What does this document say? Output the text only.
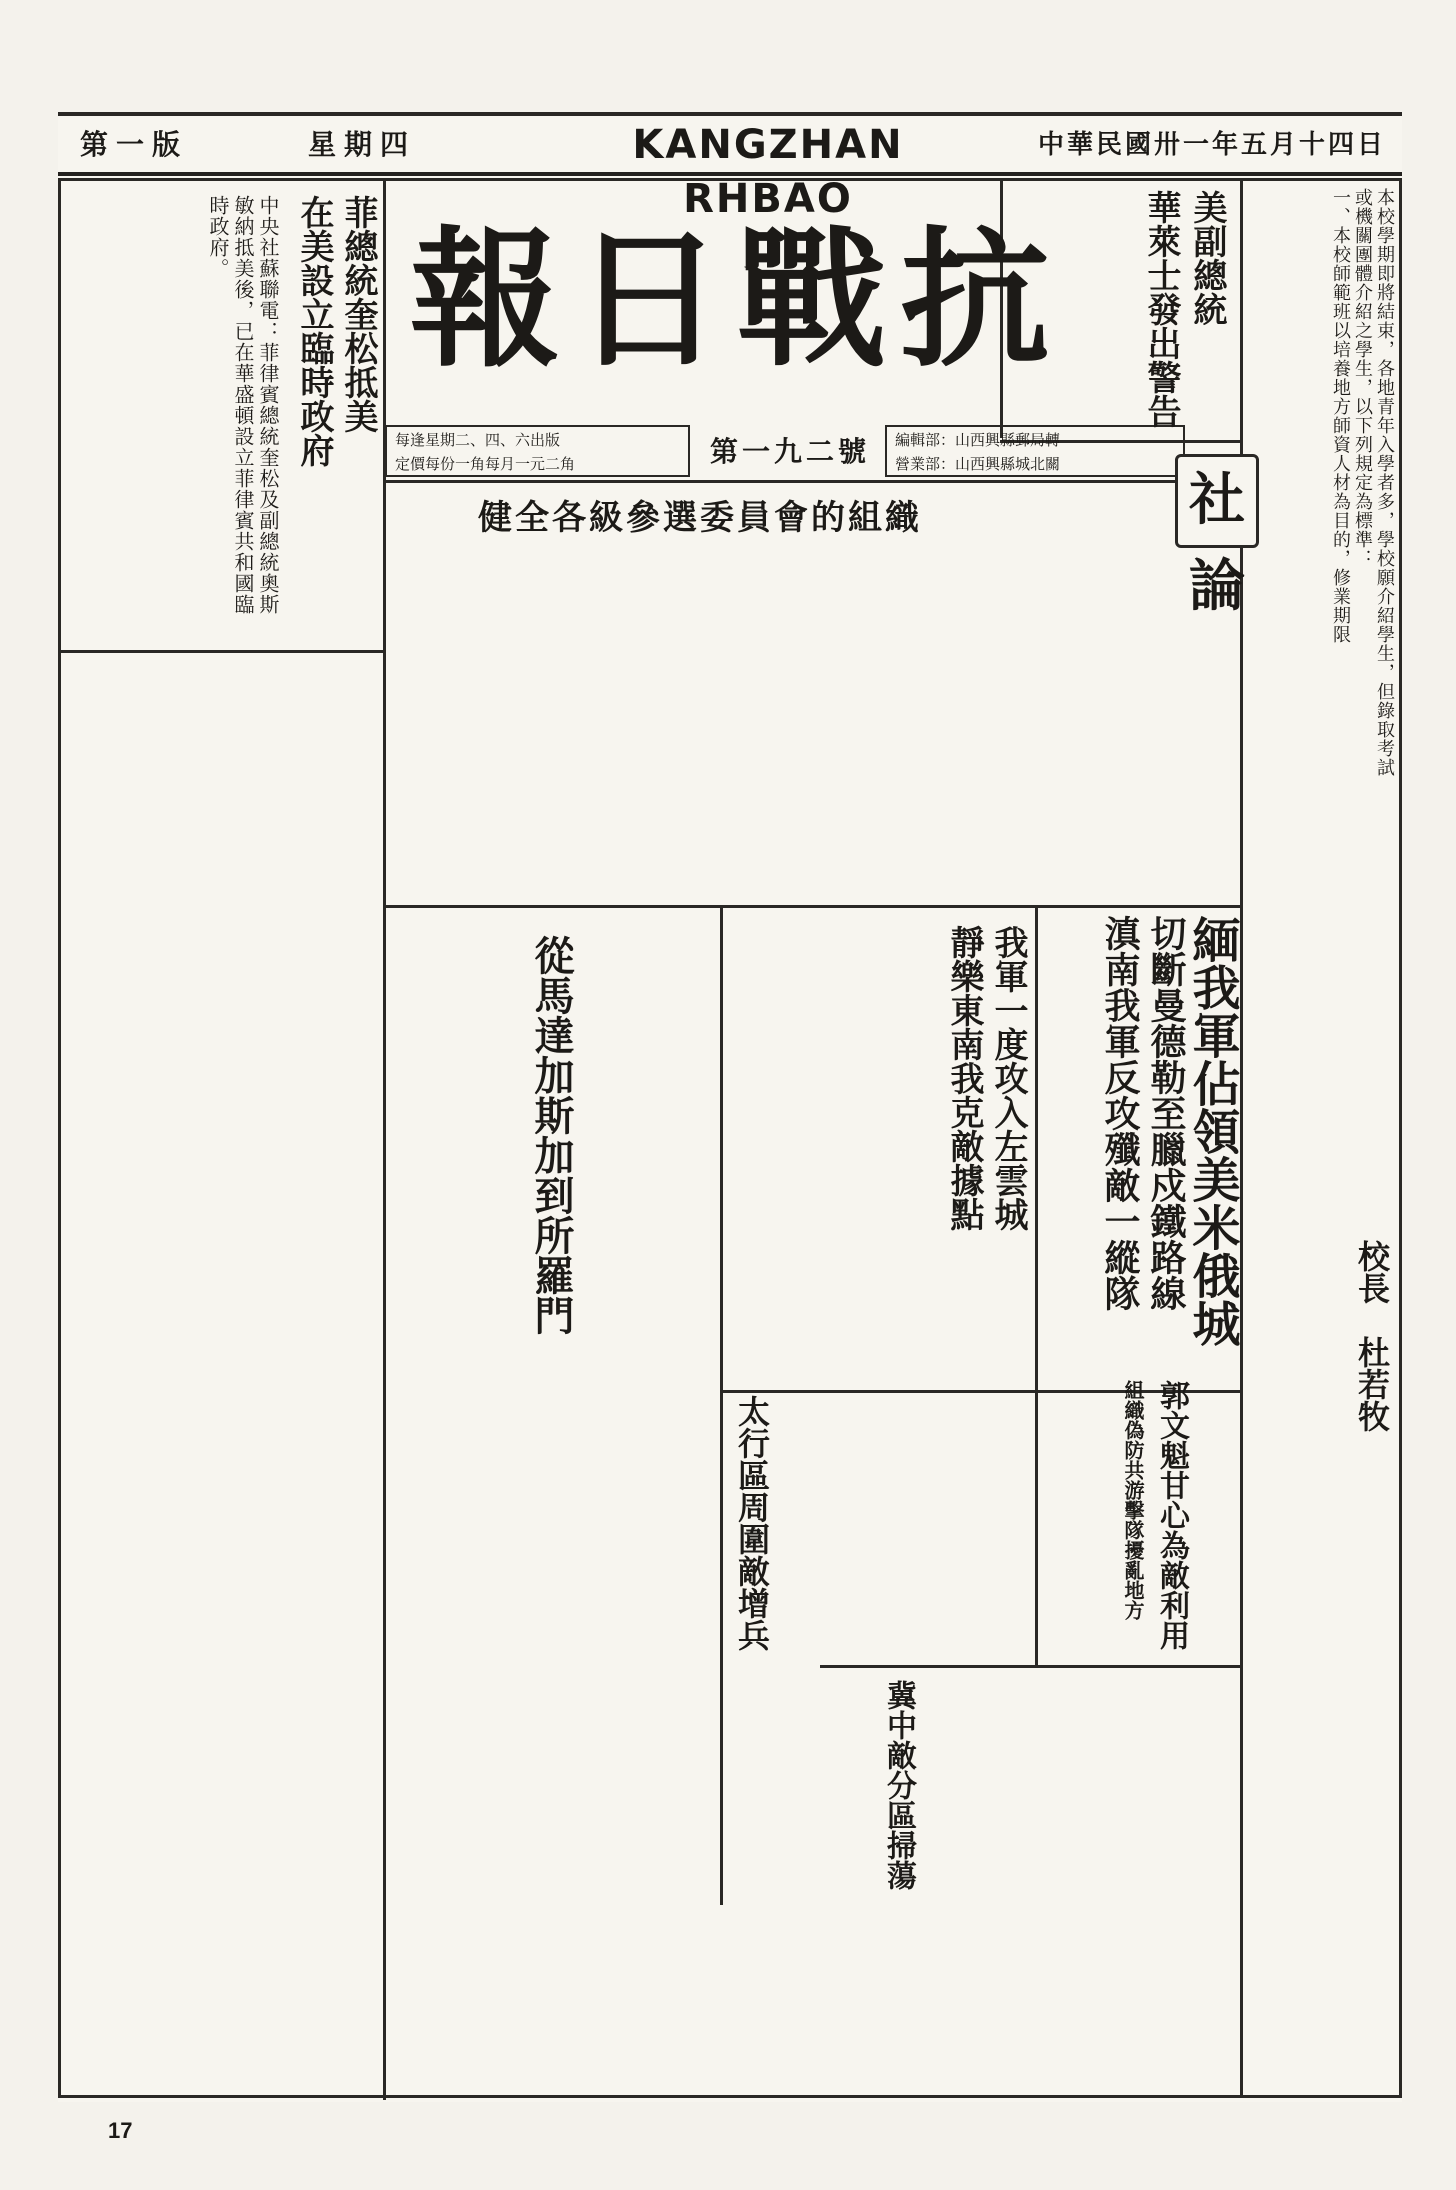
第一版	星期四	KANGZHAN RHBAO
中華民國卅一年五月十四日
本校學期即將結束，各地青年入學者多，學校願介紹學生，但錄取考試
或機關團體介紹之學生，以下列規定為標準：
一、本校師範班以培養地方師資人材為目的，修業期限
校長　杜若牧
菲總統奎松抵美
在美設立臨時政府
中央社蘇聯電：菲律賓總統奎松及副總統奧斯敏納抵美後，已在華盛頓設立菲律賓共和國臨時政府。	報 日 戰 抗
每逢星期二、四、六出版
定價每份一角每月一元二角	第一九二號	編輯部：山西興縣郵局轉
營業部：山西興縣城北關
美副總統
華萊士發出警告
社論
健全各級參選委員會的組織
緬我軍佔領美米俄城
切斷曼德勒至臘戍鐵路線
滇南我軍反攻殲敵一縱隊
我軍一度攻入左雲城
靜樂東南我克敵據點
太行區周圍敵增兵
從馬達加斯加到所羅門
郭文魁甘心為敵利用
組織偽防共游擊隊擾亂地方
冀中敵分區掃蕩
17
